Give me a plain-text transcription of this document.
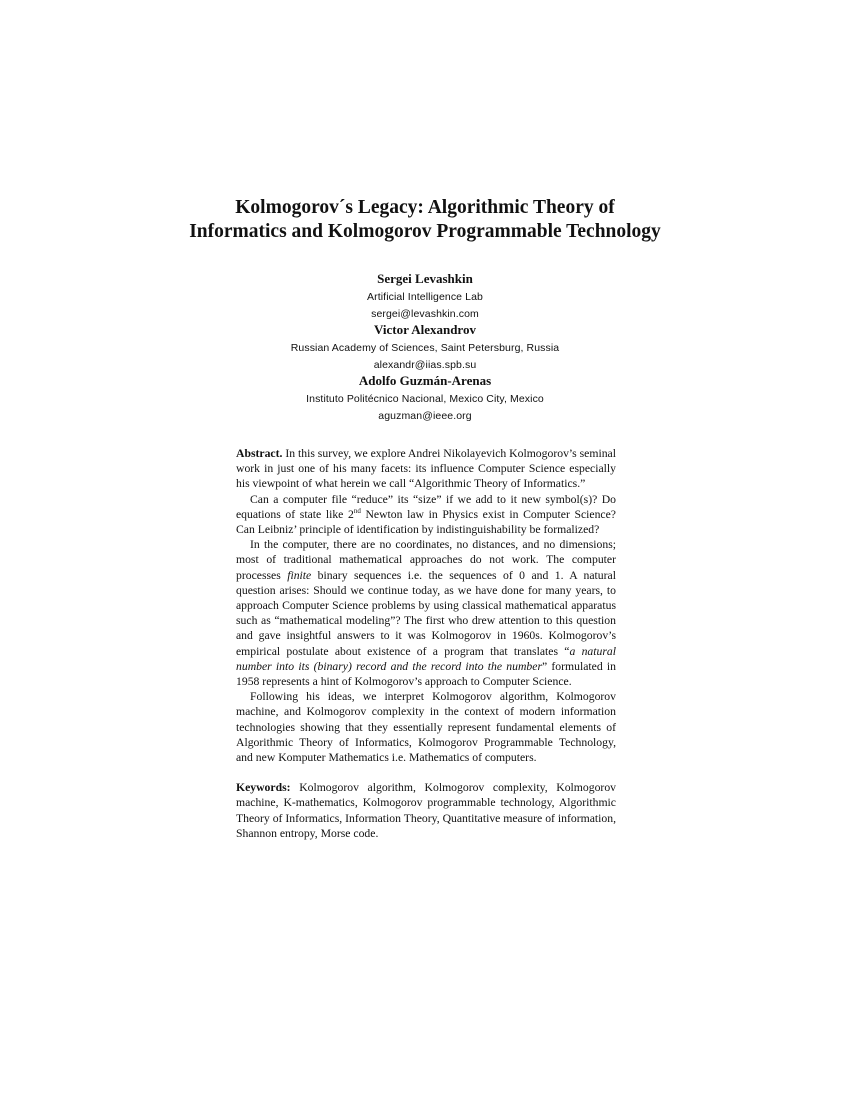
Kolmogorov´s Legacy: Algorithmic Theory of
Informatics and Kolmogorov Programmable Technology
Sergei Levashkin
Artificial Intelligence Lab
sergei@levashkin.com
Victor Alexandrov
Russian Academy of Sciences, Saint Petersburg, Russia
alexandr@iias.spb.su
Adolfo Guzmán-Arenas
Instituto Politécnico Nacional, Mexico City, Mexico
aguzman@ieee.org

Abstract. In this survey, we explore Andrei Nikolayevich Kolmogorov’s seminal work in just one of his many facets: its influence Computer Science especially his viewpoint of what herein we call “Algorithmic Theory of Informatics.”

Can a computer file “reduce” its “size” if we add to it new symbol(s)? Do equations of state like 2nd Newton law in Physics exist in Computer Science? Can Leibniz’ principle of identification by indistinguishability be formalized?

In the computer, there are no coordinates, no distances, and no dimensions; most of traditional mathematical approaches do not work. The computer processes finite binary sequences i.e. the sequences of 0 and 1. A natural question arises: Should we continue today, as we have done for many years, to approach Computer Science problems by using classical mathematical apparatus such as “mathematical modeling”? The first who drew attention to this question and gave insightful answers to it was Kolmogorov in 1960s. Kolmogorov’s empirical postulate about existence of a program that translates “a natural number into its (binary) record and the record into the number” formulated in 1958 represents a hint of Kolmogorov’s approach to Computer Science.

Following his ideas, we interpret Kolmogorov algorithm, Kolmogorov machine, and Kolmogorov complexity in the context of modern information technologies showing that they essentially represent fundamental elements of Algorithmic Theory of Informatics, Kolmogorov Programmable Technology, and new Komputer Mathematics i.e. Mathematics of computers.

Keywords: Kolmogorov algorithm, Kolmogorov complexity, Kolmogorov machine, K-mathematics, Kolmogorov programmable technology, Algorithmic Theory of Informatics, Information Theory, Quantitative measure of information, Shannon entropy, Morse code.
